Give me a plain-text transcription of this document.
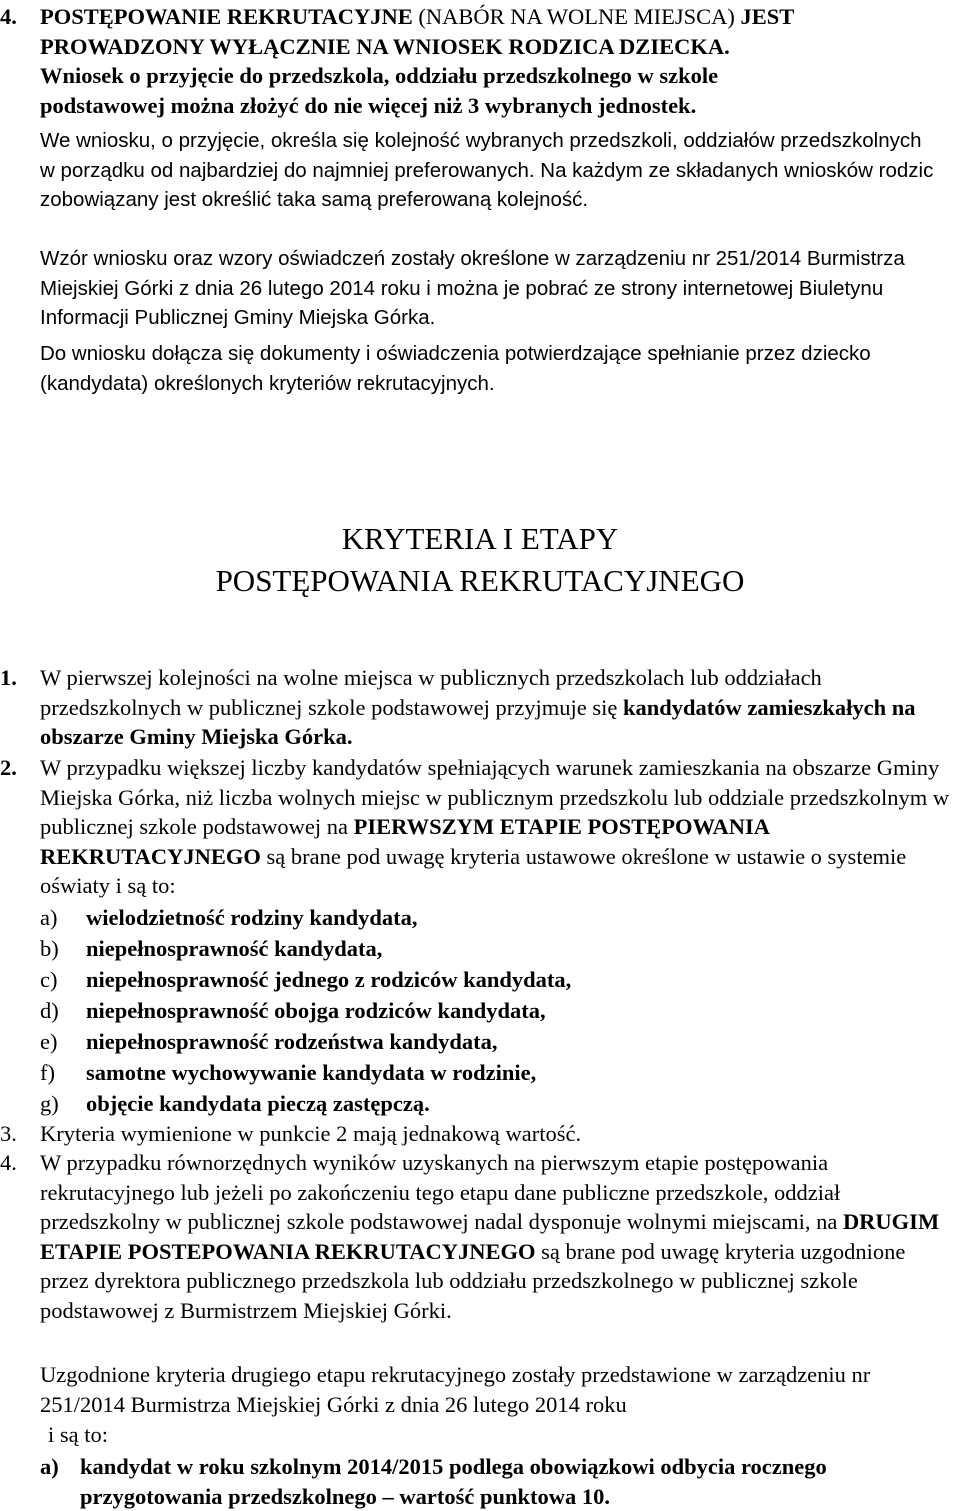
4. POSTĘPOWANIE REKRUTACYJNE (NABÓR NA WOLNE MIEJSCA) JEST
PROWADZONY WYŁĄCZNIE NA WNIOSEK RODZICA DZIECKA.
Wniosek o przyjęcie do przedszkola, oddziału przedszkolnego w szkole
podstawowej można złożyć do nie więcej niż 3 wybranych jednostek.

We wniosku, o przyjęcie, określa się kolejność wybranych przedszkoli, oddziałów przedszkolnych w porządku od najbardziej do najmniej preferowanych. Na każdym ze składanych wniosków rodzic zobowiązany jest określić taka samą preferowaną kolejność.

Wzór wniosku oraz wzory oświadczeń zostały określone w zarządzeniu nr 251/2014 Burmistrza Miejskiej Górki z dnia 26 lutego 2014 roku i można je pobrać ze strony internetowej Biuletynu Informacji Publicznej Gminy Miejska Górka.

Do wniosku dołącza się dokumenty i oświadczenia potwierdzające spełnianie przez dziecko (kandydata) określonych kryteriów rekrutacyjnych.

KRYTERIA I ETAPY
POSTĘPOWANIA REKRUTACYJNEGO
1. W pierwszej kolejności na wolne miejsca w publicznych przedszkolach lub oddziałach przedszkolnych w publicznej szkole podstawowej przyjmuje się kandydatów zamieszkałych na obszarze Gminy Miejska Górka.

2. W przypadku większej liczby kandydatów spełniających warunek zamieszkania na obszarze Gminy Miejska Górka, niż liczba wolnych miejsc w publicznym przedszkolu lub oddziale przedszkolnym w publicznej szkole podstawowej na PIERWSZYM ETAPIE POSTĘPOWANIA REKRUTACYJNEGO są brane pod uwagę kryteria ustawowe określone w ustawie o systemie oświaty i są to:

a) wielodzietność rodziny kandydata,
b) niepełnosprawność kandydata,
c) niepełnosprawność jednego z rodziców kandydata,
d) niepełnosprawność obojga rodziców kandydata,
e) niepełnosprawność rodzeństwa kandydata,
f) samotne wychowywanie kandydata w rodzinie,
g) objęcie kandydata pieczą zastępczą.
3. Kryteria wymienione w punkcie 2 mają jednakową wartość.

4. W przypadku równorzędnych wyników uzyskanych na pierwszym etapie postępowania rekrutacyjnego lub jeżeli po zakończeniu tego etapu dane publiczne przedszkole, oddział przedszkolny w publicznej szkole podstawowej nadal dysponuje wolnymi miejscami, na DRUGIM ETAPIE POSTEPOWANIA REKRUTACYJNEGO są brane pod uwagę kryteria uzgodnione przez dyrektora publicznego przedszkola lub oddziału przedszkolnego w publicznej szkole podstawowej z Burmistrzem Miejskiej Górki.

Uzgodnione kryteria drugiego etapu rekrutacyjnego zostały przedstawione w zarządzeniu nr 251/2014 Burmistrza Miejskiej Górki z dnia 26 lutego 2014 roku

i są to:

a) kandydat w roku szkolnym 2014/2015 podlega obowiązkowi odbycia rocznego przygotowania przedszkolnego – wartość punktowa 10.
